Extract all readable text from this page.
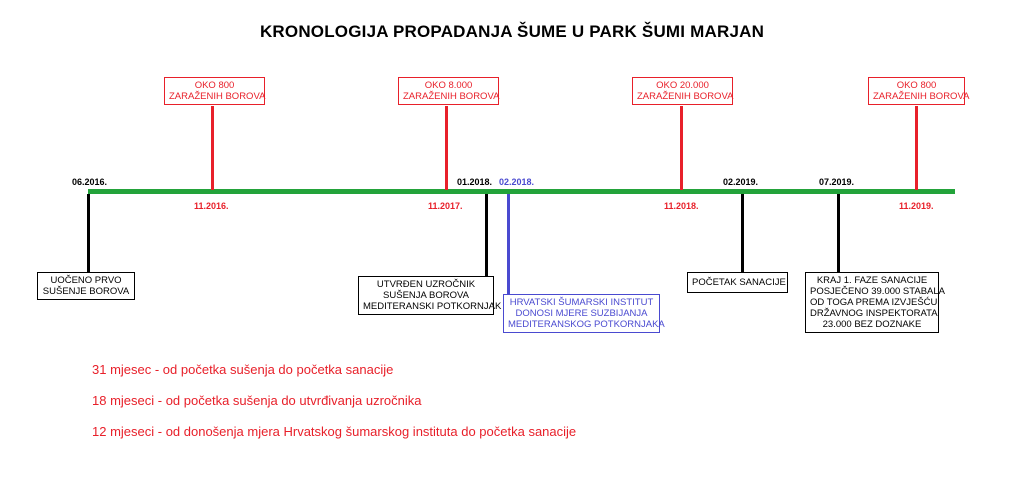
KRONOLOGIJA PROPADANJA ŠUME U PARK ŠUMI MARJAN
OKO 800
ZARAŽENIH BOROVA
11.2016.
OKO 8.000
ZARAŽENIH BOROVA
11.2017.
OKO 20.000
ZARAŽENIH BOROVA
11.2018.
OKO 800
ZARAŽENIH BOROVA
11.2019.
06.2016.
UOČENO PRVO
SUŠENJE BOROVA
01.2018.
UTVRĐEN UZROČNIK
SUŠENJA BOROVA
MEDITERANSKI POTKORNJAK
02.2018.
HRVATSKI ŠUMARSKI INSTITUT
DONOSI MJERE SUZBIJANJA
MEDITERANSKOG POTKORNJAKA
02.2019.
POČETAK SANACIJE
07.2019.
KRAJ 1. FAZE SANACIJE
POSJEČENO 39.000 STABALA
OD TOGA PREMA IZVJEŠĆU
DRŽAVNOG INSPEKTORATA
23.000 BEZ DOZNAKE
31 mjesec - od početka sušenja do početka sanacije
18 mjeseci - od početka sušenja do utvrđivanja uzročnika
12 mjeseci - od donošenja mjera Hrvatskog šumarskog instituta do početka sanacije
